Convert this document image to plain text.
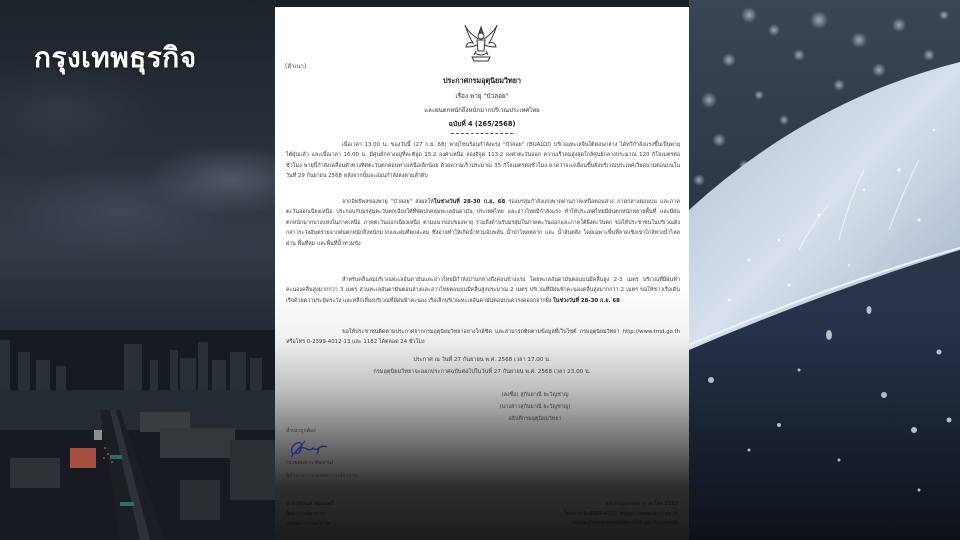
กรุงเทพธุรกิจ	(สำเนา)
ประกาศกรมอุตุนิยมวิทยา
เรื่อง พายุ "บัวลอย"
และฝนตกหนักถึงหนักมากบริเวณประเทศไทย
ฉบับที่ 4 (265/2568)
เมื่อเวลา 13.00 น. ของวันนี้ (27 ก.ย. 68) พายุโซนร้อนกำลังแรง "บัวลอย" (BUALOI) บริเวณทะเลจีนใต้ตอนกลาง ได้ทวีกำลังแรงขึ้นเป็นพายุไต้ฝุ่นแล้ว และเมื่อเวลา 16.00 น. มีศูนย์กลางอยู่ที่ละติจูด 15.2 องศาเหนือ ลองจิจูด 113.2 องศาตะวันออก ความเร็วลมสูงสุดใกล้ศูนย์กลางประมาณ 120 กิโลเมตรต่อชั่วโมง พายุนี้กำลังเคลื่อนตัวทางทิศตะวันตกค่อนทางเหนือเล็กน้อย ด้วยความเร็วประมาณ 35 กิโลเมตรต่อชั่วโมง คาดว่าจะเคลื่อนขึ้นฝั่งบริเวณประเทศเวียดนามตอนบนในวันที่ 29 กันยายน 2568 หลังจากนั้นจะอ่อนกำลังลงตามลำดับ
จากอิทธิพลของพายุ "บัวลอย" ส่งผลให้ในช่วงวันที่ 28-30 ก.ย. 68 ร่องมรสุมกำลังแรงพาดผ่านภาคเหนือตอนล่าง ภาคกลางตอนบน และภาคตะวันออกเฉียงเหนือ ประกอบกับมรสุมตะวันตกเฉียงใต้ที่พัดปกคลุมทะเลอันดามัน ประเทศไทย และอ่าวไทยมีกำลังแรง ทำให้ประเทศไทยมีฝนตกหนักหลายพื้นที่ และมีฝนตกหนักมากบางแห่งในภาคเหนือ ภาคตะวันออกเฉียงเหนือ ตามแนวขอบของพายุ รวมถึงด้านรับมรสุมในภาคตะวันออกและภาคใต้ฝั่งตะวันตก ขอให้ประชาชนในบริเวณดังกล่าวระวังอันตรายจากฝนตกหนักถึงหนักมากและฝนที่ตกสะสม ซึ่งอาจทำให้เกิดน้ำท่วมฉับพลัน น้ำป่าไหลหลาก และ น้ำล้นตลิ่ง โดยเฉพาะพื้นที่ลาดเชิงเขาใกล้ทางน้ำไหลผ่าน พื้นที่ลุ่ม และพื้นที่น้ำท่วมขัง
สำหรับคลื่นลมบริเวณทะเลอันดามันและอ่าวไทยมีกำลังปานกลางถึงค่อนข้างแรง โดยทะเลอันดามันตอนบนมีคลื่นสูง 2-3 เมตร บริเวณที่มีฝนฟ้าคะนองคลื่นสูงมากกว่า 3 เมตร ส่วนทะเลอันดามันตอนล่างและอ่าวไทยตอนบนมีคลื่นสูงประมาณ 2 เมตร บริเวณที่มีฝนฟ้าคะนองคลื่นสูงมากกว่า 2 เมตร ขอให้ชาวเรือเดินเรือด้วยความระมัดระวัง และหลีกเลี่ยงบริเวณที่มีฝนฟ้าคะนอง เรือเล็กบริเวณทะเลอันดามันตอนบนควรงดออกจากฝั่ง ในช่วงวันที่ 28-30 ก.ย. 68
ขอให้ประชาชนติดตามประกาศจากกรมอุตุนิยมวิทยาอย่างใกล้ชิด และสามารถติดตามข้อมูลที่เว็บไซต์ กรมอุตุนิยมวิทยา http://www.tmd.go.th หรือโทร 0-2399-4012-13 และ 1182 ได้ตลอด 24 ชั่วโมง
ประกาศ ณ วันที่ 27 กันยายน พ.ศ. 2568 เวลา 17.00 น.
กรมอุตุนิยมวิทยาจะออกประกาศฉบับต่อไปในวันที่ 27 กันยายน พ.ศ. 2568 เวลา 23.00 น.
(ลงชื่อ) สุกันยาณี ยะวิญชาญ
(นางสาวสุกันยาณี ยะวิญชาญ)
อธิบดีกรมอุตุนิยมวิทยา
สำเนาถูกต้อง
(นายสมควร ต้นจาน)
ผู้อำนวยการกองพยากรณ์อากาศ
นายวุฒิพงศ์ หมู่มนตรี
ผู้พยากรณ์อากาศ
กองพยากรณ์อากาศ
สอบถามสภาพอากาศ โทร 1182
โทรสาร 0-2399-4012, https://www.tmd.go.th
https://www.metalarm.tmd.go.th/service
